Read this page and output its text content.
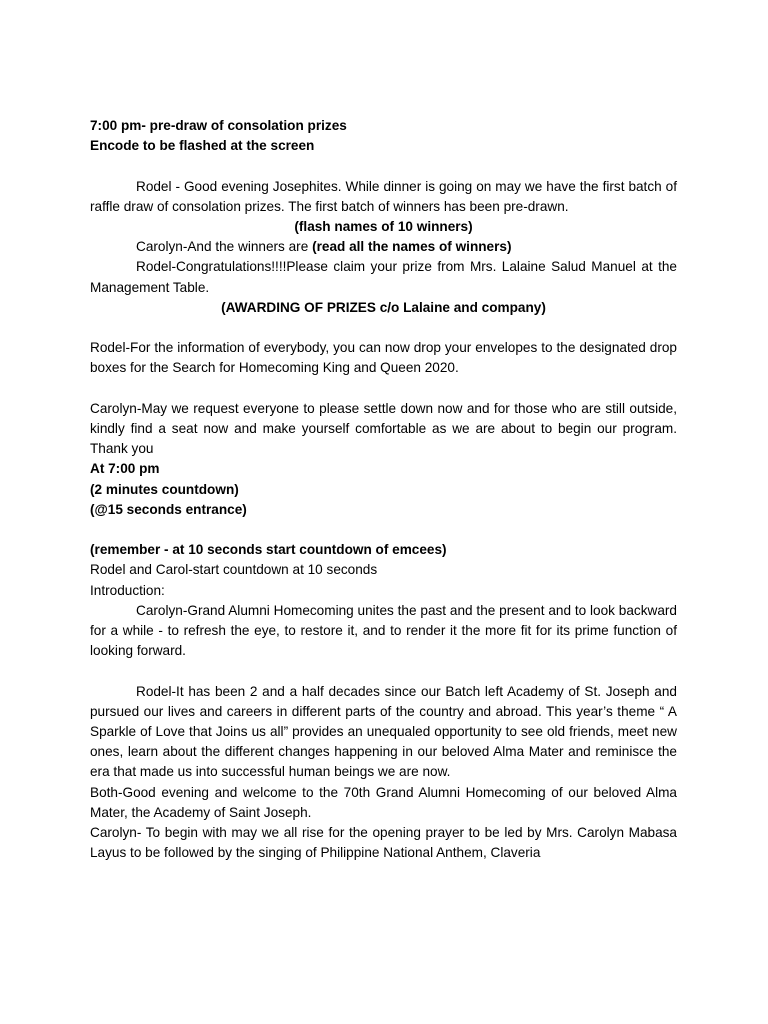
7:00 pm- pre-draw of consolation prizes

Encode to be flashed at the screen

Rodel - Good evening Josephites. While dinner is going on may we have the first batch of raffle draw of consolation prizes. The first batch of winners has been pre-drawn.

(flash names of 10 winners)

Carolyn-And the winners are (read all the names of winners)

Rodel-Congratulations!!!!Please claim your prize from Mrs. Lalaine Salud Manuel at the Management Table.

(AWARDING OF PRIZES c/o Lalaine and company)

Rodel-For the information of everybody, you can now drop your envelopes to the designated drop boxes for the Search for Homecoming King and Queen 2020.

Carolyn-May we request everyone to please settle down now and for those who are still outside, kindly find a seat now and make yourself comfortable as we are about to begin our program. Thank you

At 7:00 pm

(2 minutes countdown)

(@15 seconds entrance)

(remember - at 10 seconds start countdown of emcees)

Rodel and Carol-start countdown at 10 seconds

Introduction:

Carolyn-Grand Alumni Homecoming unites the past and the present and to look backward for a while - to refresh the eye, to restore it, and to render it the more fit for its prime function of looking forward.

Rodel-It has been 2 and a half decades since our Batch left Academy of St. Joseph and pursued our lives and careers in different parts of the country and abroad. This year’s theme “ A Sparkle of Love that Joins us all” provides an unequaled opportunity to see old friends, meet new ones, learn about the different changes happening in our beloved Alma Mater and reminisce the era that made us into successful human beings we are now.

Both-Good evening and welcome to the 70th Grand Alumni Homecoming of our beloved Alma Mater, the Academy of Saint Joseph.

Carolyn- To begin with may we all rise for the opening prayer to be led by Mrs. Carolyn Mabasa Layus to be followed by the singing of Philippine National Anthem, Claveria
